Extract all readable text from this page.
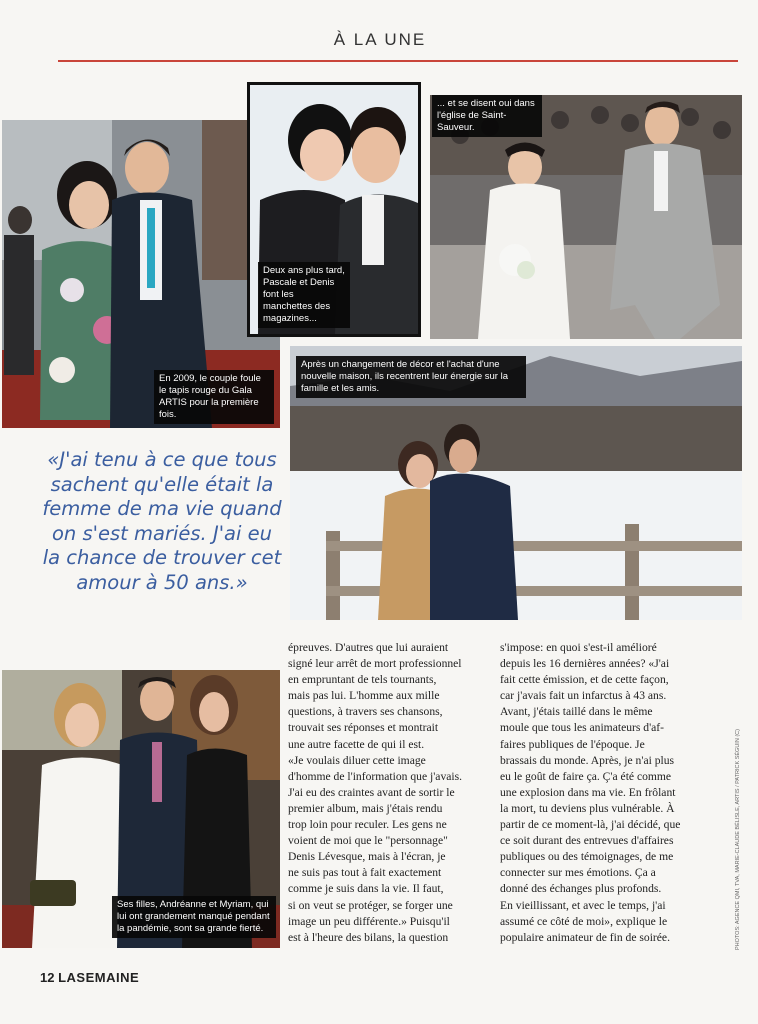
À LA UNE
En 2009, le couple foule le tapis rouge du Gala ARTIS pour la première fois.
Deux ans plus tard, Pascale et Denis font les manchettes des magazines...
... et se disent oui dans l'église de Saint-Sauveur.
Après un changement de décor et l'achat d'une nouvelle maison, ils recentrent leur énergie sur la famille et les amis.
«J'ai tenu à ce que tous sachent qu'elle était la femme de ma vie quand on s'est mariés. J'ai eu la chance de trouver cet amour à 50 ans.»
Ses filles, Andréanne et Myriam, qui lui ont grandement manqué pendant la pandémie, sont sa grande fierté.
épreuves. D'autres que lui auraient
signé leur arrêt de mort professionnel
en empruntant de tels tournants,
mais pas lui. L'homme aux mille
questions, à travers ses chansons,
trouvait ses réponses et montrait
une autre facette de qui il est.
«Je voulais diluer cette image
d'homme de l'information que j'avais.
J'ai eu des craintes avant de sortir le
premier album, mais j'étais rendu
trop loin pour reculer. Les gens ne
voient de moi que le "personnage"
Denis Lévesque, mais à l'écran, je
ne suis pas tout à fait exactement
comme je suis dans la vie. Il faut,
si on veut se protéger, se forger une
image un peu différente.» Puisqu'il
est à l'heure des bilans, la question
s'impose: en quoi s'est-il amélioré
depuis les 16 dernières années? «J'ai
fait cette émission, et de cette façon,
car j'avais fait un infarctus à 43 ans.
Avant, j'étais taillé dans le même
moule que tous les animateurs d'af-
faires publiques de l'époque. Je
brassais du monde. Après, je n'ai plus
eu le goût de faire ça. Ç'a été comme
une explosion dans ma vie. En frôlant
la mort, tu deviens plus vulnérable. À
partir de ce moment-là, j'ai décidé, que
ce soit durant des entrevues d'affaires
publiques ou des témoignages, de me
connecter sur mes émotions. Ça a
donné des échanges plus profonds.
En vieillissant, et avec le temps, j'ai
assumé ce côté de moi», explique le
populaire animateur de fin de soirée.
12 LASEMAINE
PHOTOS: AGENCE QMI, TVA, MARIE-CLAUDE BÉLISLE, ARTIS / PATRICK SÉGUIN (C)
